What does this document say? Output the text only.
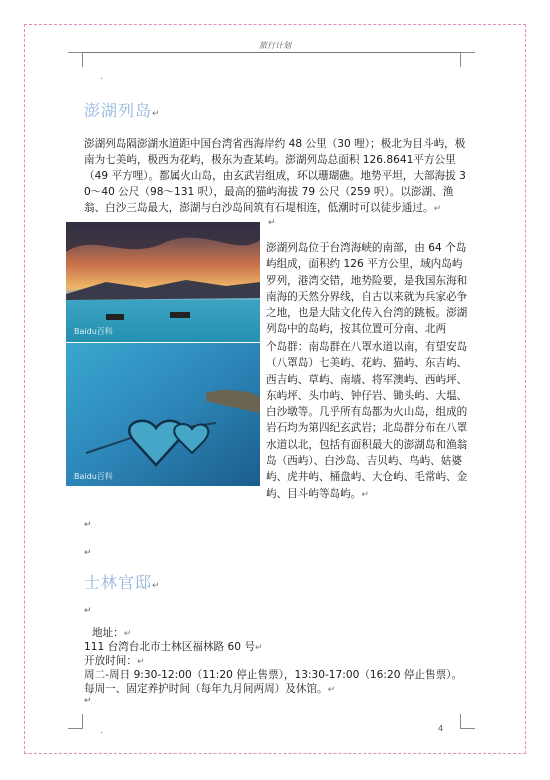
旅行计划
.
澎湖列岛↵

澎湖列岛隔澎湖水道距中国台湾省西海岸约 48 公里（30 哩）；极北为目斗屿，极南为七美屿，极西为花屿，极东为查某屿。澎湖列岛总面积 126.8641平方公里（49 平方哩）。都属火山岛，由玄武岩组成，环以珊瑚礁。地势平坦，大部海拔 30～40 公尺（98～131 呎），最高的猫屿海拔 79 公尺（259 呎）。以澎湖、渔翁、白沙三岛最大，澎湖与白沙岛间筑有石堤相连，低潮时可以徒步通过。↵

↵
Baidu百科
Baidu百科

澎湖列岛位于台湾海峡的南部，由 64 个岛屿组成，面积约 126 平方公里，域内岛屿罗列，港湾交错，地势险要，是我国东海和南海的天然分界线，自古以来就为兵家必争之地，也是大陆文化传入台湾的跳板。澎湖列岛中的岛屿，按其位置可分南、北两

个岛群：南岛群在八罩水道以南，有望安岛（八罩岛）七美屿、花屿、猫屿、东吉屿、西吉屿、草屿、南墙、将军澳屿、西屿坪、东屿坪、头巾屿、钟仔岩、锄头屿、大塭、白沙墩等。几乎所有岛都为火山岛，组成的岩石均为第四纪玄武岩；北岛群分布在八罩水道以北，包括有面积最大的澎湖岛和渔翁岛（西屿）、白沙岛、吉贝屿、鸟屿、姑婆屿、虎井屿、桶盘屿、大仓屿、毛常屿、金屿、目斗屿等岛屿。↵

↵
↵
士林官邸↵
↵

地址：↵

111 台湾台北市士林区福林路 60 号↵

开放时间：↵

周二-周日 9:30-12:00（11:20 停止售票），13:30-17:00（16:20 停止售票）。

每周一、固定养护时间（每年九月间两周）及休馆。↵

↵
.	4
